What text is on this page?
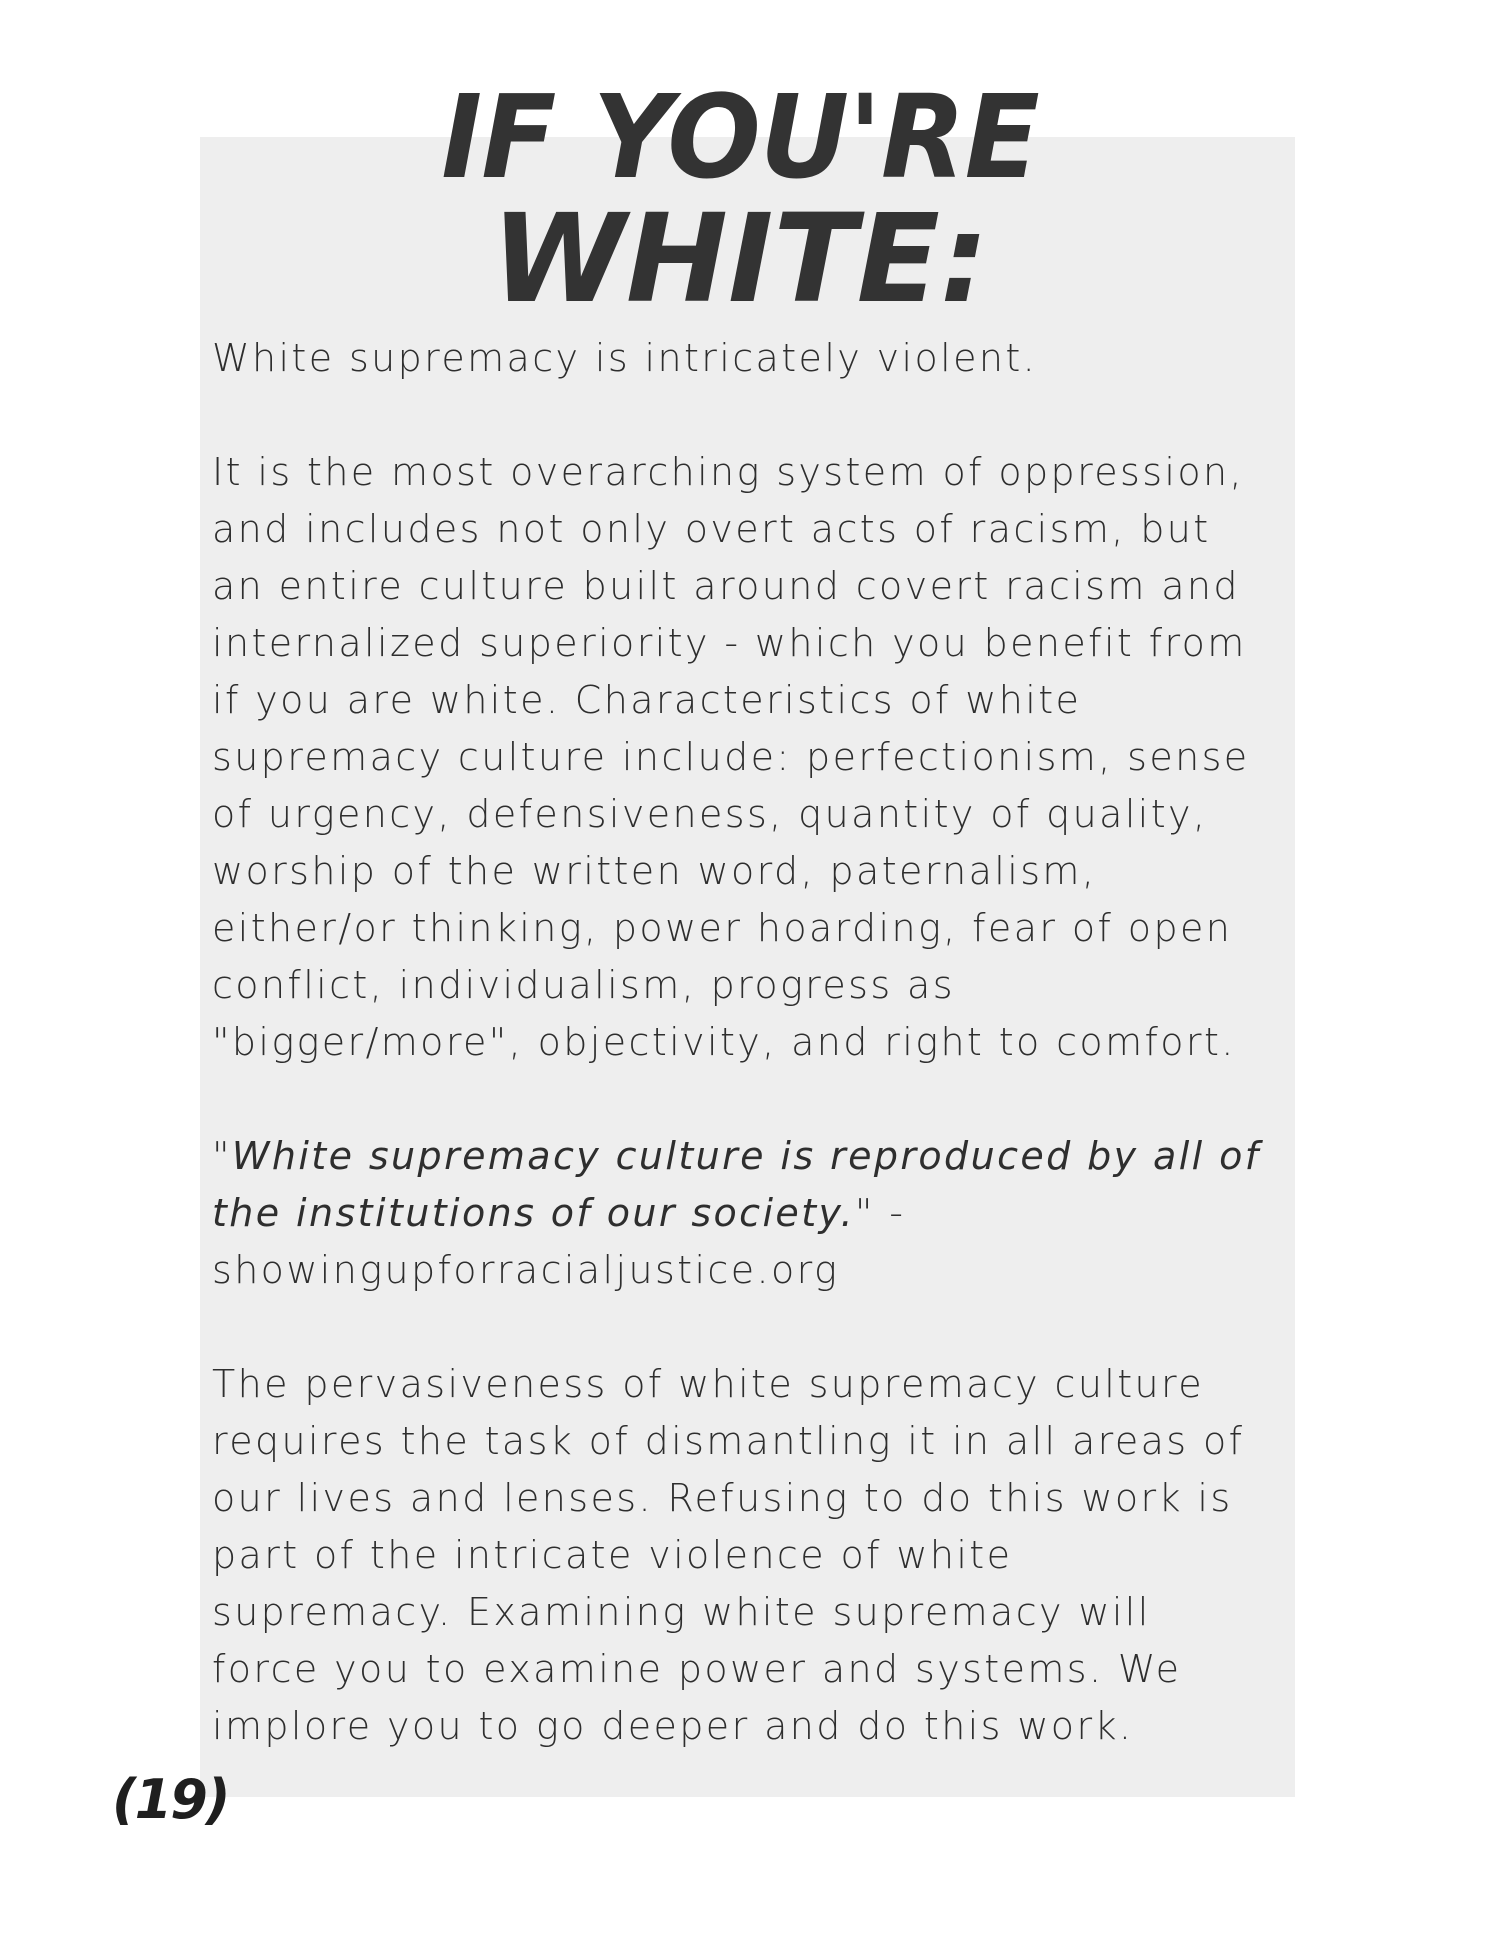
IF YOU'RE
WHITE:

White supremacy is intricately violent.

It is the most overarching system of oppression,

and includes not only overt acts of racism, but

an entire culture built around covert racism and

internalized superiority - which you benefit from

if you are white. Characteristics of white

supremacy culture include: perfectionism, sense

of urgency, defensiveness, quantity of quality,

worship of the written word, paternalism,

either/or thinking, power hoarding, fear of open

conflict, individualism, progress as

"bigger/more", objectivity, and right to comfort.

"White supremacy culture is reproduced by all of

the institutions of our society." -

showingupforracialjustice.org

The pervasiveness of white supremacy culture

requires the task of dismantling it in all areas of

our lives and lenses. Refusing to do this work is

part of the intricate violence of white

supremacy. Examining white supremacy will

force you to examine power and systems. We

implore you to go deeper and do this work.

(19)
